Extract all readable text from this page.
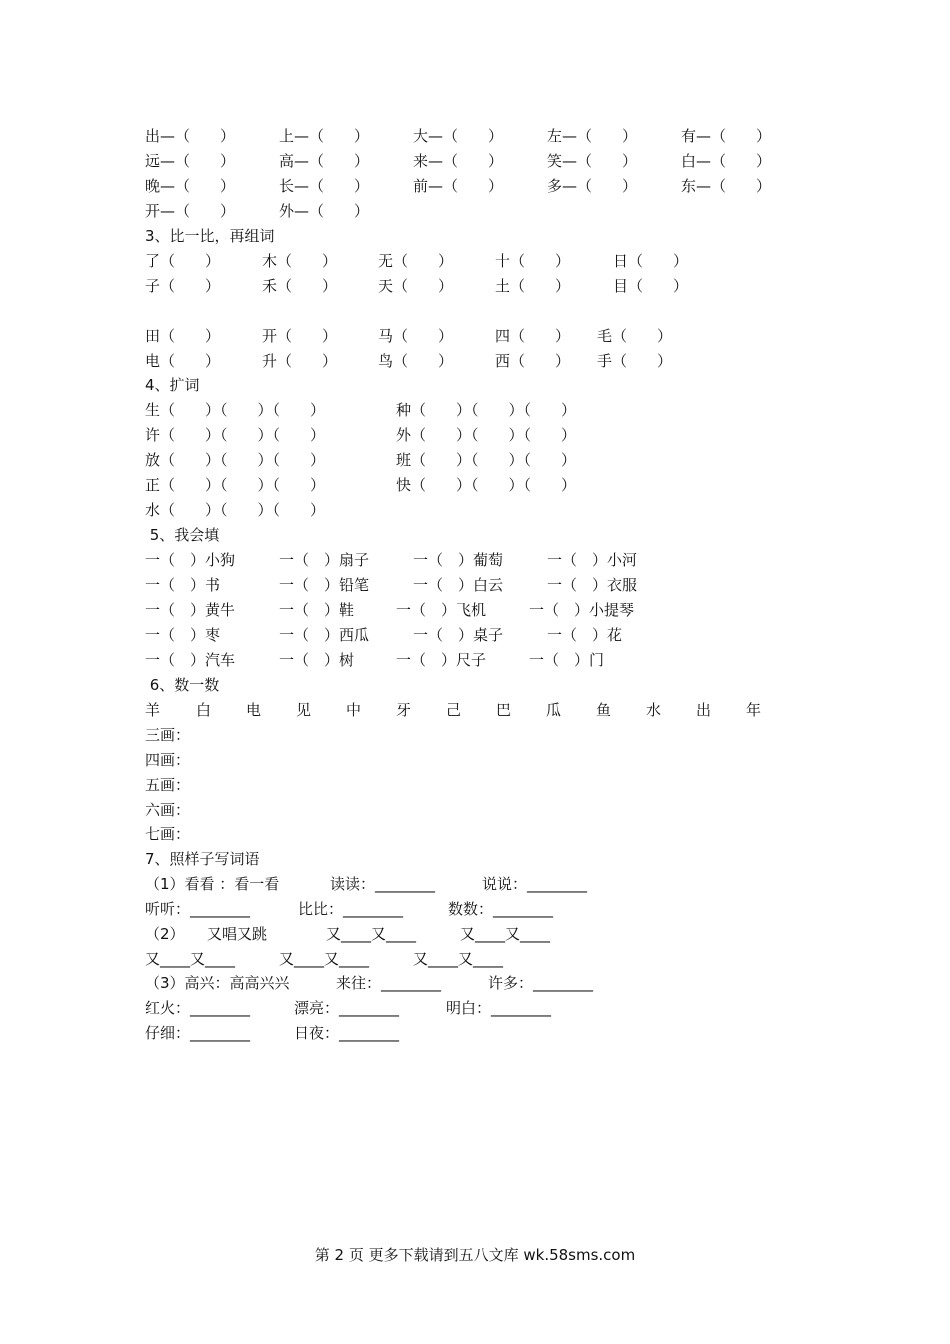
出—（　　）	上—（　　）	大—（　　）	左—（　　）	有—（　　）
远—（　　）	高—（　　）	来—（　　）	笑—（　　）	白—（　　）
晚—（　　）	长—（　　）	前—（　　）	多—（　　）	东—（　　）
开—（　　）	外—（　　）
3、比一比，再组词
了（　　）	木（　　）	无（　　）	十（　　）	日（　　）
子（　　）	禾（　　）	天（　　）	土（　　）	目（　　）
田（　　）	开（　　）	马（　　）	四（　　） 毛（　　）
电（　　）	升（　　）	鸟（　　）	西（　　） 手（　　）
4、扩词
生（　　）（　　）（　　）	种（　　）（　　）（　　）
许（　　）（　　）（　　）	外（　　）（　　）（　　）
放（　　）（　　）（　　）	班（　　）（　　）（　　）
正（　　）（　　）（　　）	快（　　）（　　）（　　）
水（　　）（　　）（　　）
5、我会填
一（　）小狗	一（　）扇子	一（　）葡萄	一（　）小河
一（　）书	一（　）铅笔	一（　）白云	一（　）衣服
一（　）黄牛	一（　）鞋	一（　）飞机	一（　）小提琴
一（　）枣	一（　）西瓜	一（　）桌子	一（　）花
一（　）汽车	一（　）树	一（　）尺子	一（　）门
6、数一数
羊 白 电 见 中 牙 己 巴 瓜 鱼 水 出 年
三画：
四画：
五画：
六画：
七画：
7、照样子写词语
（1）看看 ：看一看	读读：________	说说：________
听听：________	比比：________	数数：________
（2）　　又唱又跳	又____又____	又____又____
又____又____	又____又____	又____又____
（3）高兴：高高兴兴	来往：________	许多：________
红火：________	漂亮：________	明白：________
仔细：________	日夜：________
第 2 页 更多下载请到五八文库 wk.58sms.com
